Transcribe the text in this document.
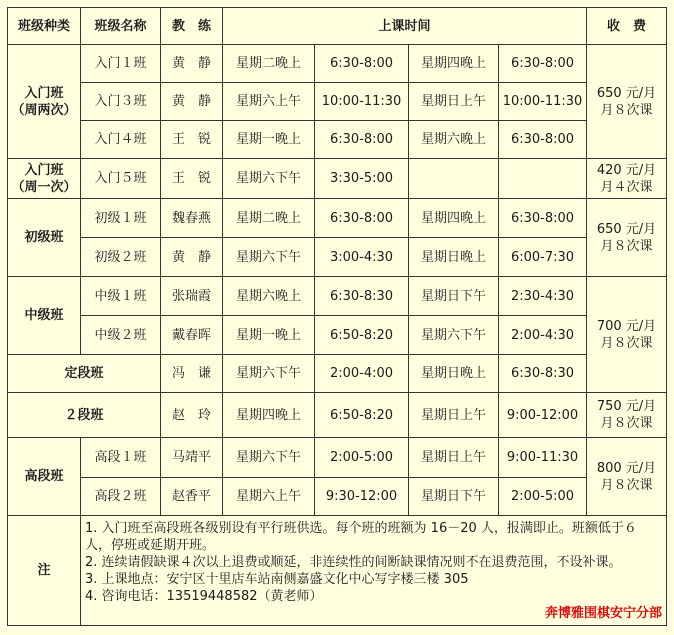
班级种类	班级名称	教　练	上课时间				收　费

入门班
（周两次）	入门１班	黄　静	星期二晚上	6:30-8:00	星期四晚上	6:30-8:00	650 元/月
月８次课

	入门３班	黄　静	星期六上午	10:00-11:30	星期日上午	10:00-11:30	
	入门４班	王　锐	星期一晚上	6:30-8:00	星期六晚上	6:30-8:00	

入门班
（周一次）	入门５班	王　锐	星期六下午	3:30-5:00			420 元/月
月４次课

初级班	初级１班	魏春燕	星期二晚上	6:30-8:00	星期四晚上	6:30-8:00	650 元/月
月８次课

	初级２班	黄　静	星期六下午	3:00-4:30	星期日晚上	6:00-7:30	
中级班	中级１班	张瑞霞	星期六晚上	6:30-8:30	星期日下午	2:30-4:30	700 元/月
月８次课

	中级２班	戴春晖	星期一晚上	6:50-8:20	星期六下午	2:00-4:30	
定段班		冯　谦	星期六下午	2:00-4:00	星期日晚上	6:30-8:30	
２段班		赵　玲	星期四晚上	6:50-8:20	星期日上午	9:00-12:00	750 元/月
月８次课

高段班	高段１班	马靖平	星期六下午	2:00-5:00	星期日上午	9:00-11:30	800 元/月
月８次课

	高段２班	赵香平	星期六上午	9:30-12:00	星期日下午	2:00-5:00	
注	1. 入门班至高段班各级别设有平行班供选。每个班的班额为 16－20 人，报满即止。班额低于６人，停班或延期开班。
2. 连续请假缺课４次以上退费或顺延，非连续性的间断缺课情况则不在退费范围，不设补课。
3. 上课地点：安宁区十里店车站南侧嘉盛文化中心写字楼三楼 305
4. 咨询电话：13519448582（黄老师）
奔博雅围棋安宁分部						
